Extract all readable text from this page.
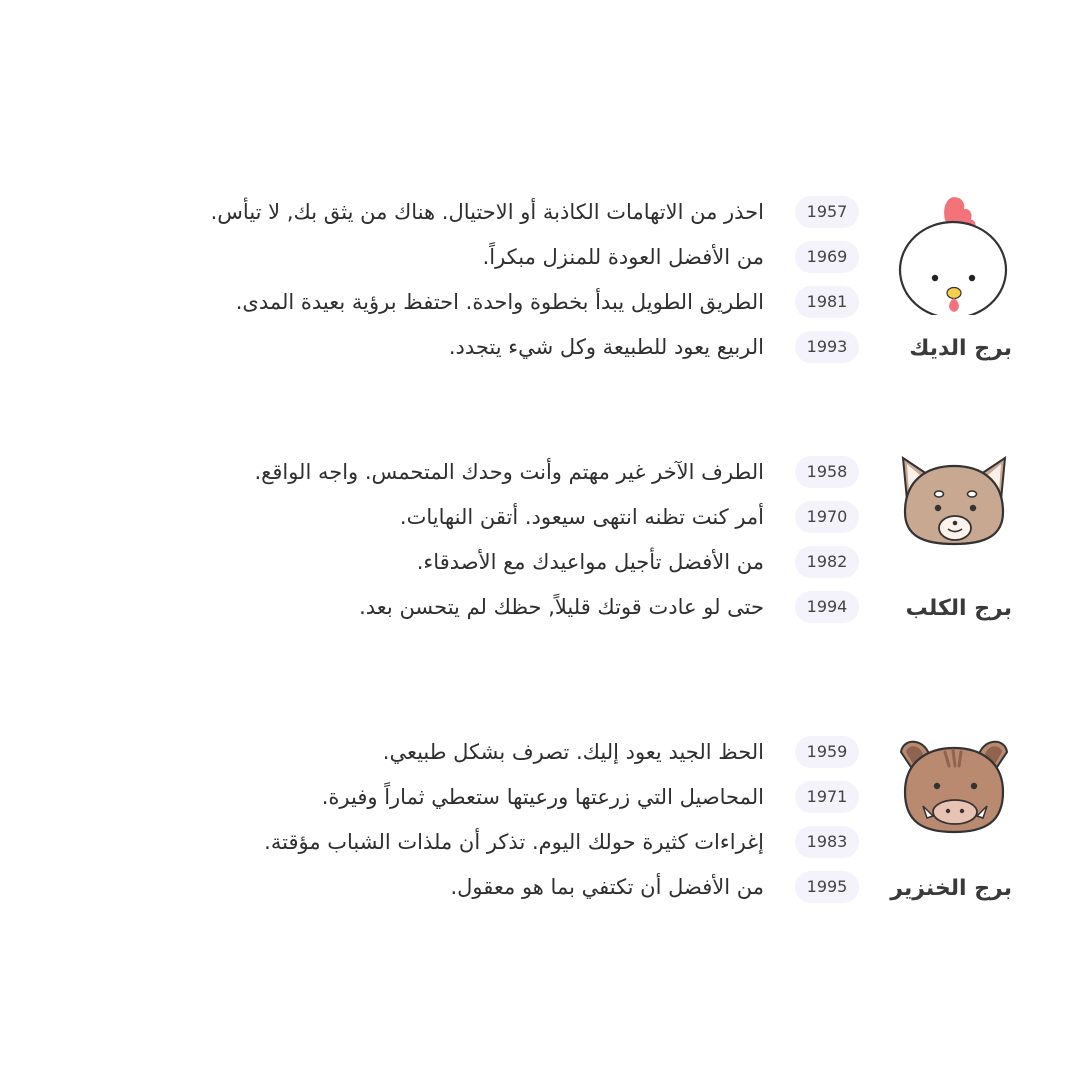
برج الديك
1957
احذر من الاتهامات الكاذبة أو الاحتيال. هناك من يثق بك, لا تيأس.
1969
من الأفضل العودة للمنزل مبكراً.
1981
الطريق الطويل يبدأ بخطوة واحدة. احتفظ برؤية بعيدة المدى.
1993
الربيع يعود للطبيعة وكل شيء يتجدد.
برج الكلب
1958
الطرف الآخر غير مهتم وأنت وحدك المتحمس. واجه الواقع.
1970
أمر كنت تظنه انتهى سيعود. أتقن النهايات.
1982
من الأفضل تأجيل مواعيدك مع الأصدقاء.
1994
حتى لو عادت قوتك قليلاً, حظك لم يتحسن بعد.
برج الخنزير
1959
الحظ الجيد يعود إليك. تصرف بشكل طبيعي.
1971
المحاصيل التي زرعتها ورعيتها ستعطي ثماراً وفيرة.
1983
إغراءات كثيرة حولك اليوم. تذكر أن ملذات الشباب مؤقتة.
1995
من الأفضل أن تكتفي بما هو معقول.
